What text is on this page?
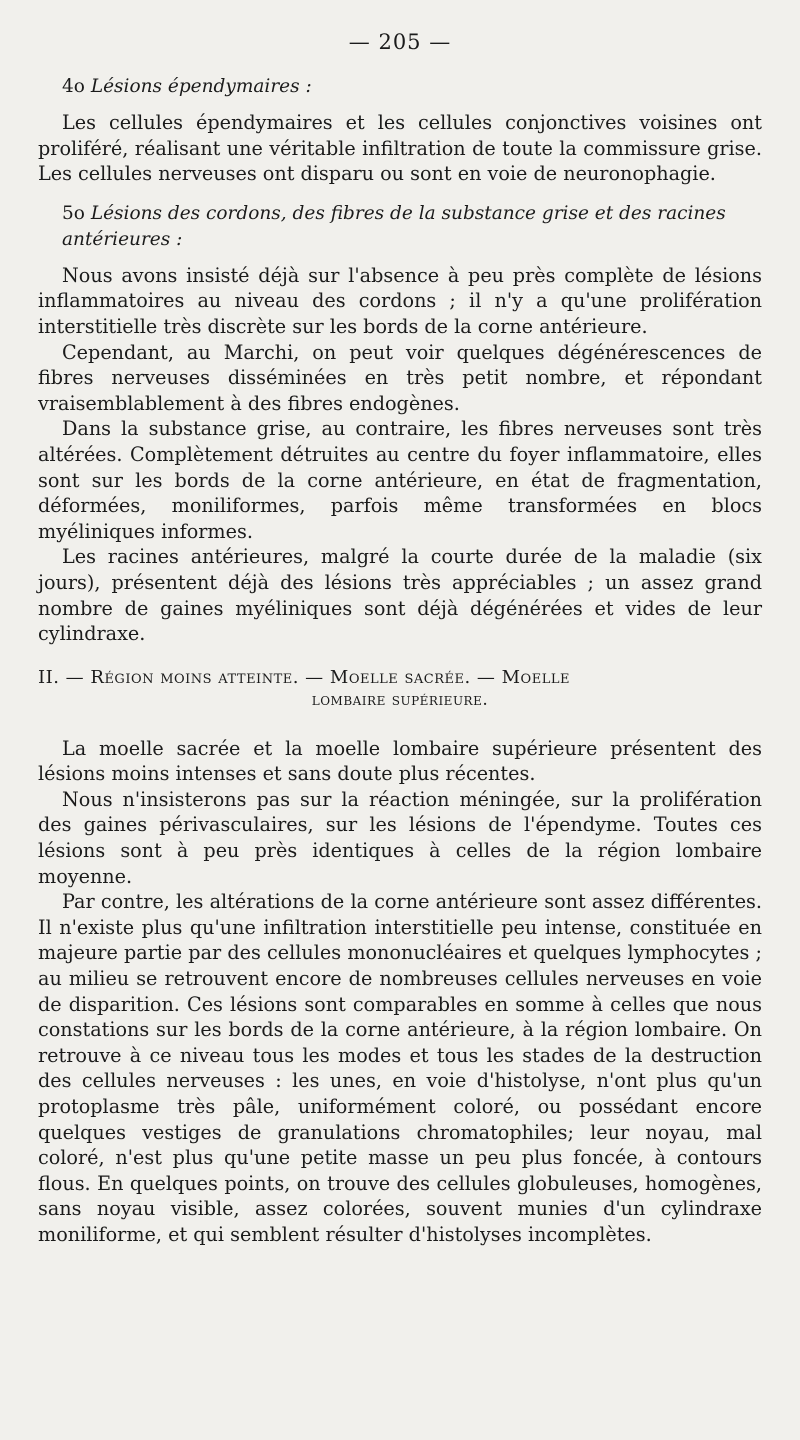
— 205 —

4o Lésions épendymaires :

Les cellules épendymaires et les cellules conjonctives voisines ont proliféré, réalisant une véritable infiltration de toute la commissure grise. Les cellules nerveuses ont disparu ou sont en voie de neuronophagie.

5o Lésions des cordons, des fibres de la substance grise et des racines antérieures :

Nous avons insisté déjà sur l'absence à peu près complète de lésions inflammatoires au niveau des cordons ; il n'y a qu'une prolifération interstitielle très discrète sur les bords de la corne antérieure.

Cependant, au Marchi, on peut voir quelques dégénérescences de fibres nerveuses disséminées en très petit nombre, et répondant vraisemblablement à des fibres endogènes.

Dans la substance grise, au contraire, les fibres nerveuses sont très altérées. Complètement détruites au centre du foyer inflammatoire, elles sont sur les bords de la corne antérieure, en état de fragmentation, déformées, moniliformes, parfois même transformées en blocs myéliniques informes.

Les racines antérieures, malgré la courte durée de la maladie (six jours), présentent déjà des lésions très appréciables ; un assez grand nombre de gaines myéliniques sont déjà dégénérées et vides de leur cylindraxe.

II. — Région moins atteinte. — Moelle sacrée. — Moelle

lombaire supérieure.

La moelle sacrée et la moelle lombaire supérieure présentent des lésions moins intenses et sans doute plus récentes.

Nous n'insisterons pas sur la réaction méningée, sur la prolifération des gaines périvasculaires, sur les lésions de l'épendyme. Toutes ces lésions sont à peu près identiques à celles de la région lombaire moyenne.

Par contre, les altérations de la corne antérieure sont assez différentes. Il n'existe plus qu'une infiltration interstitielle peu intense, constituée en majeure partie par des cellules mononucléaires et quelques lymphocytes ; au milieu se retrouvent encore de nombreuses cellules nerveuses en voie de disparition. Ces lésions sont comparables en somme à celles que nous constations sur les bords de la corne antérieure, à la région lombaire. On retrouve à ce niveau tous les modes et tous les stades de la destruction des cellules nerveuses : les unes, en voie d'histolyse, n'ont plus qu'un protoplasme très pâle, uniformément coloré, ou possédant encore quelques vestiges de granulations chromatophiles; leur noyau, mal coloré, n'est plus qu'une petite masse un peu plus foncée, à contours flous. En quelques points, on trouve des cellules globuleuses, homogènes, sans noyau visible, assez colorées, souvent munies d'un cylindraxe moniliforme, et qui semblent résulter d'histolyses incomplètes.
